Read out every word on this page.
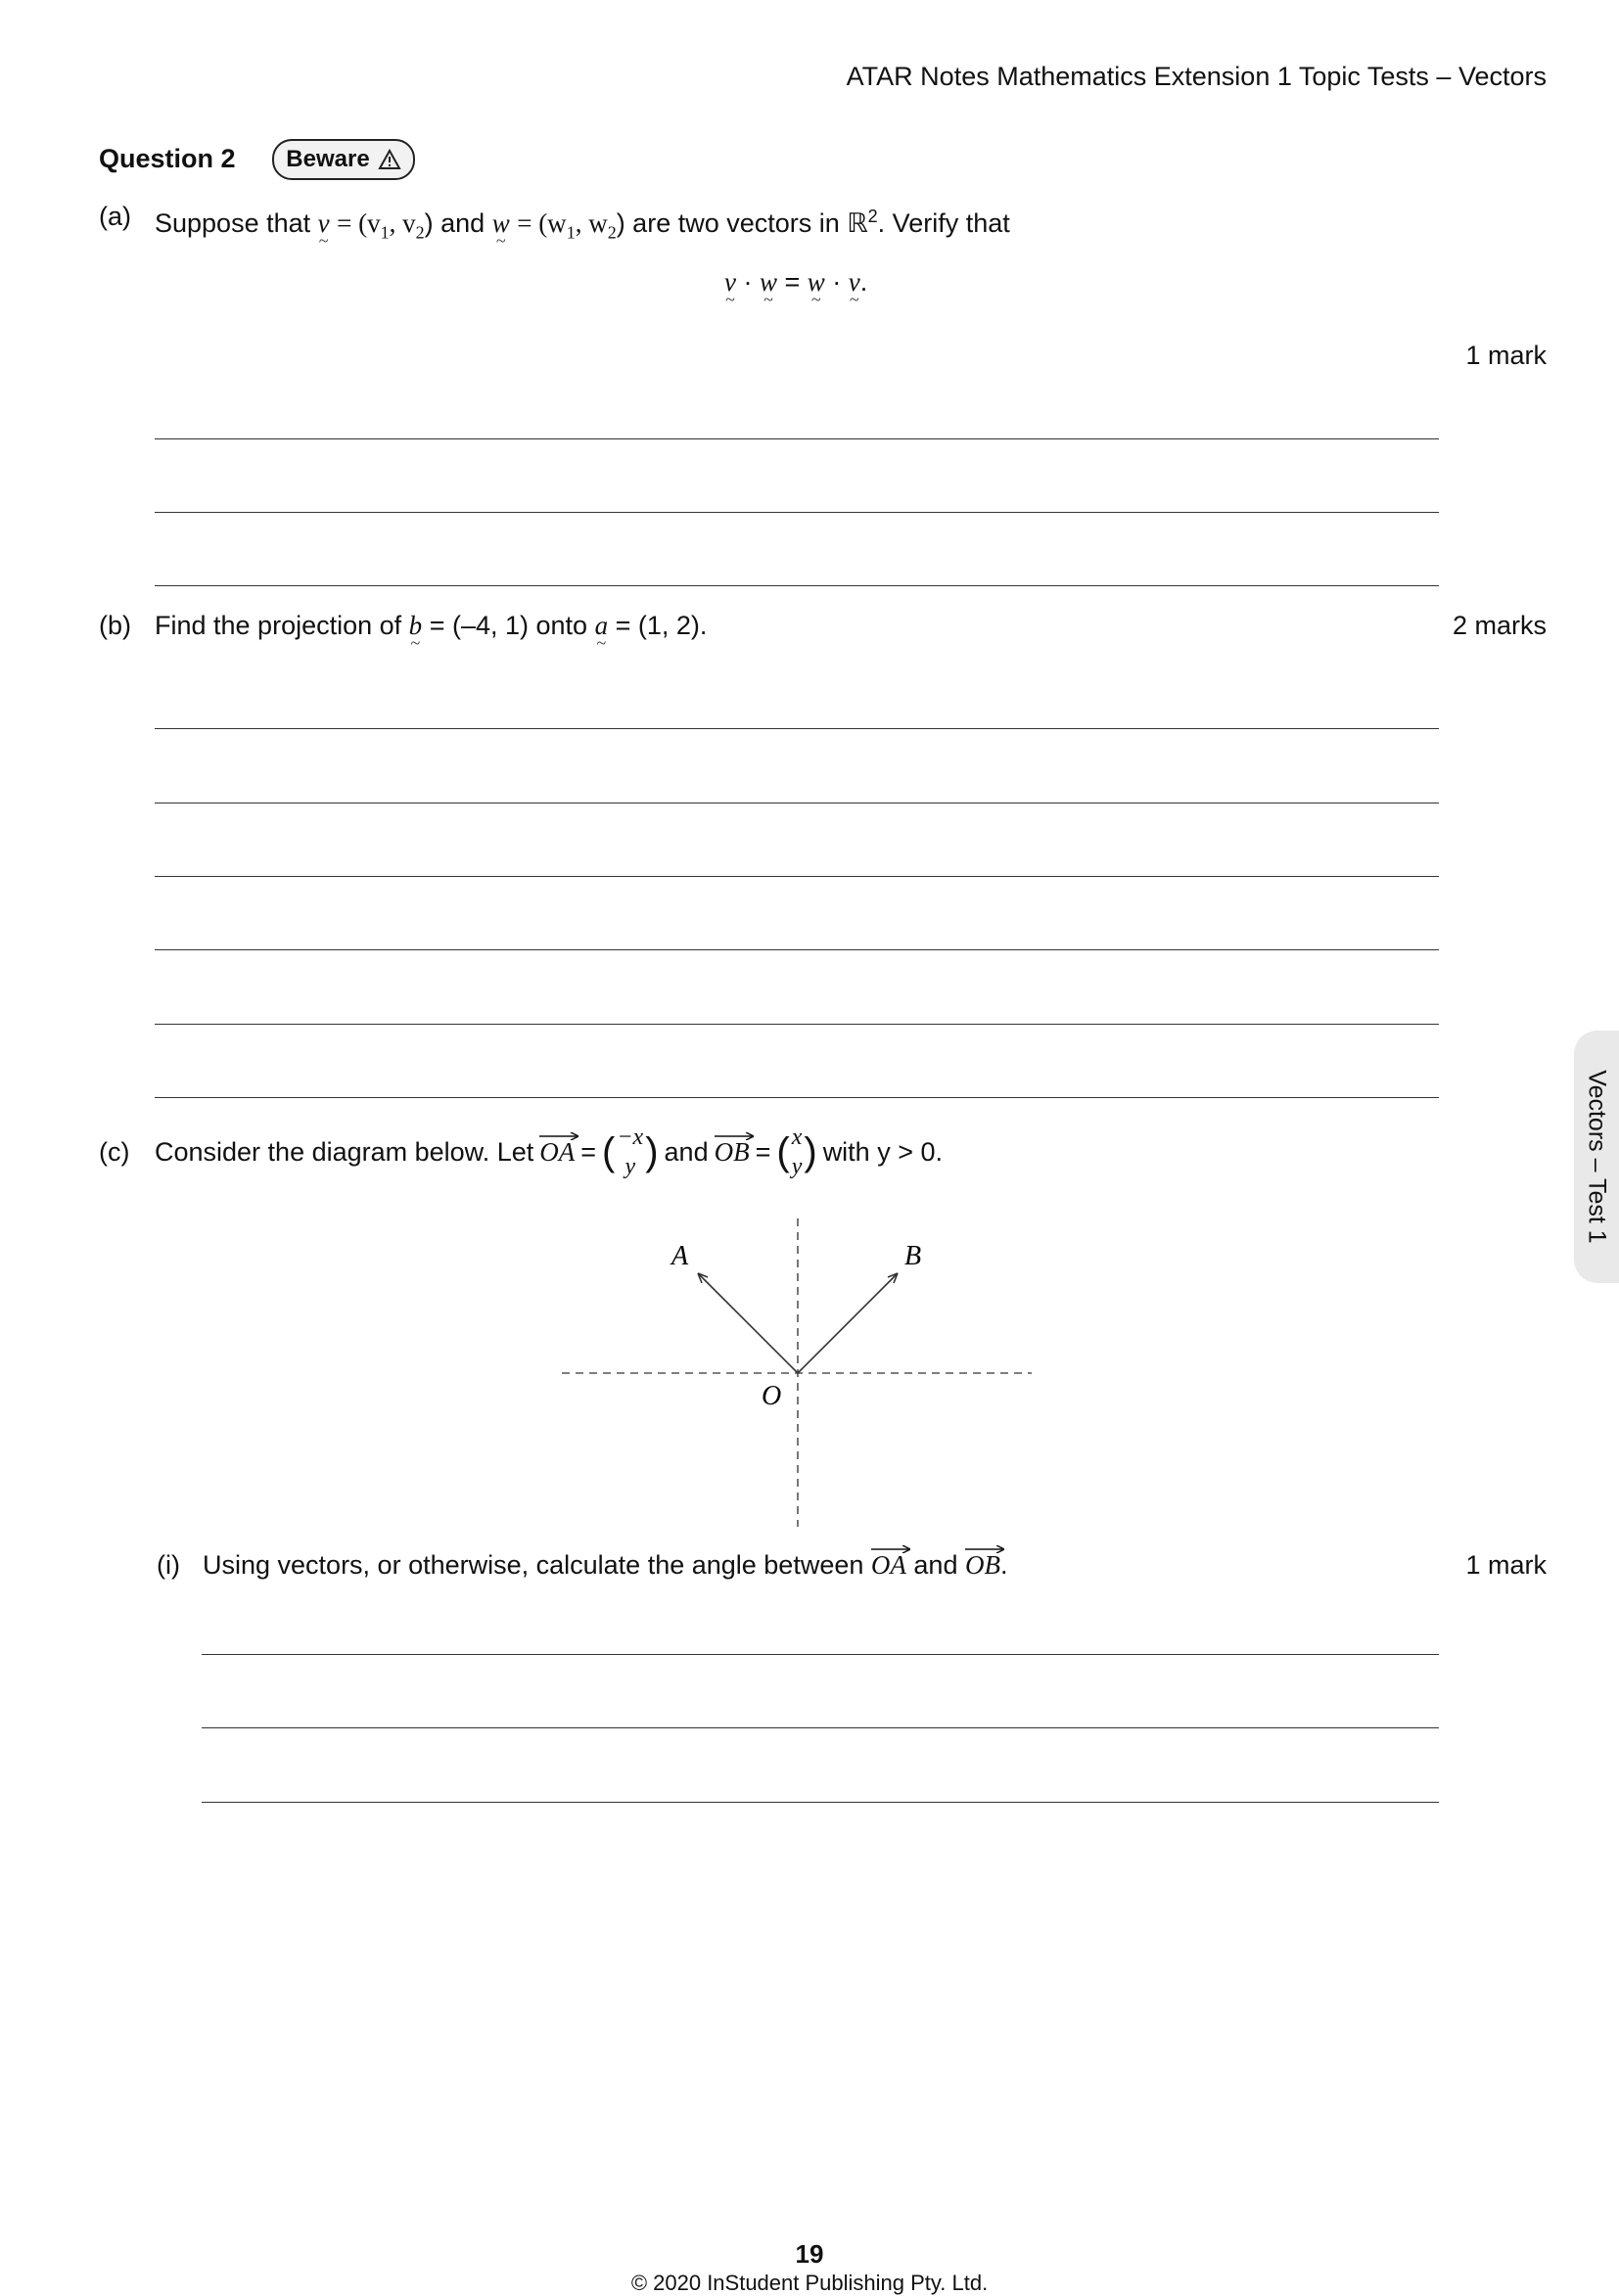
ATAR Notes Mathematics Extension 1 Topic Tests – Vectors
Question 2 Beware
(a) Suppose that v ~ = ($v_1$, $v_2$) and w ~ = ($w_1$, $w_2$) are two vectors in ℝ$^2$. Verify that
v ~ · w ~ = w ~ · v ~.
1 mark
(b) Find the projection of b ~ = (–4, 1) onto a ~ = (1, 2).	2 marks
(c) Consider the diagram below. Let OA = ( −x
y ) and OB = ( x
y ) with y > 0.
A	B
O
(i) Using vectors, or otherwise, calculate the angle between OA and OB.	1 mark
Vectors – Test 1
19
© 2020 InStudent Publishing Pty. Ltd.
